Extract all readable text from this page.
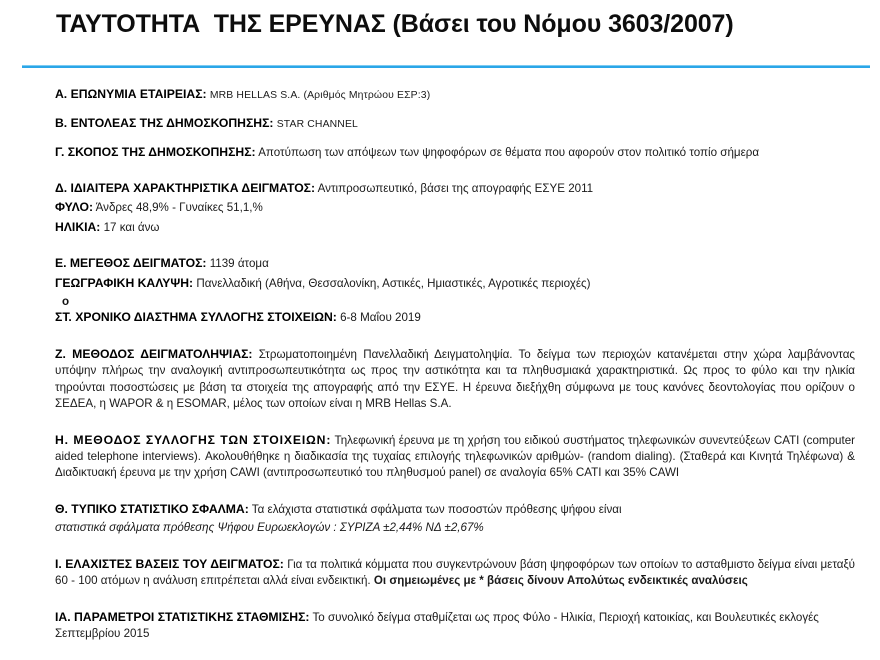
ΤΑΥΤΟΤΗΤΑ  ΤΗΣ ΕΡΕΥΝΑΣ (Βάσει του Νόμου 3603/2007)

Α. ΕΠΩΝΥΜΙΑ ΕΤΑΙΡΕΙΑΣ: MRB HELLAS S.A. (Αριθμός Μητρώου ΕΣΡ:3)

Β. ΕΝΤΟΛΕΑΣ ΤΗΣ ΔΗΜΟΣΚΟΠΗΣΗΣ: STAR CHANNEL

Γ. ΣΚΟΠΟΣ ΤΗΣ ΔΗΜΟΣΚΟΠΗΣΗΣ: Αποτύπωση των απόψεων των ψηφοφόρων σε θέματα που αφορούν στον πολιτικό τοπίο σήμερα

Δ. ΙΔΙΑΙΤΕΡΑ ΧΑΡΑΚΤΗΡΙΣΤΙΚΑ ΔΕΙΓΜΑΤΟΣ: Αντιπροσωπευτικό, βάσει της απογραφής ΕΣΥΕ 2011

ΦΥΛΟ: Άνδρες 48,9% - Γυναίκες 51,1,%

ΗΛΙΚΙΑ: 17 και άνω

Ε. ΜΕΓΕΘΟΣ ΔΕΙΓΜΑΤΟΣ: 1139 άτομα

ΓΕΩΓΡΑΦΙΚΗ ΚΑΛΥΨΗ: Πανελλαδική (Αθήνα, Θεσσαλονίκη, Αστικές, Ημιαστικές, Αγροτικές περιοχές)

ο

ΣΤ. ΧΡΟΝΙΚΟ ΔΙΑΣΤΗΜΑ ΣΥΛΛΟΓΗΣ ΣΤΟΙΧΕΙΩΝ: 6-8 Μαΐου 2019

Ζ. ΜΕΘΟΔΟΣ ΔΕΙΓΜΑΤΟΛΗΨΙΑΣ: Στρωματοποιημένη Πανελλαδική Δειγματοληψία. Το δείγμα των περιοχών κατανέμεται στην χώρα λαμβάνοντας υπόψην πλήρως την αναλογική αντιπροσωπευτικότητα ως προς την αστικότητα και τα πληθυσμιακά χαρακτηριστικά. Ως προς το φύλο και την ηλικία τηρούνται ποσοστώσεις με βάση τα στοιχεία της απογραφής από την ΕΣΥΕ. Η έρευνα διεξήχθη σύμφωνα με τους κανόνες δεοντολογίας που ορίζουν ο ΣΕΔΕΑ, η WAPOR & η ESOMAR, μέλος των οποίων είναι η MRB Hellas S.A.

Η. ΜΕΘΟΔΟΣ ΣΥΛΛΟΓΗΣ ΤΩΝ ΣΤΟΙΧΕΙΩΝ: Τηλεφωνική έρευνα με τη χρήση του ειδικού συστήματος τηλεφωνικών συνεντεύξεων CATI (computer aided telephone interviews). Ακολουθήθηκε η διαδικασία της τυχαίας επιλογής τηλεφωνικών αριθμών- (random dialing). (Σταθερά και Κινητά Τηλέφωνα) & Διαδικτυακή έρευνα με την χρήση CAWI (αντιπροσωπευτικό του πληθυσμού panel) σε αναλογία 65% CATI και 35% CAWI

Θ. ΤΥΠΙΚΟ ΣΤΑΤΙΣΤΙΚΟ ΣΦΑΛΜΑ: Τα ελάχιστα στατιστικά σφάλματα των ποσοστών πρόθεσης ψήφου είναι

στατιστικά σφάλματα πρόθεσης Ψήφου Ευρωεκλογών : ΣΥΡΙΖΑ ±2,44% ΝΔ ±2,67%

Ι. ΕΛΑΧΙΣΤΕΣ ΒΑΣΕΙΣ ΤΟΥ ΔΕΙΓΜΑΤΟΣ: Για τα πολιτικά κόμματα που συγκεντρώνουν βάση ψηφοφόρων των οποίων το ασταθμιστο δείγμα είναι μεταξύ 60 - 100 ατόμων η ανάλυση επιτρέπεται αλλά είναι ενδεικτική. Οι σημειωμένες με * βάσεις δίνουν Απολύτως ενδεικτικές αναλύσεις

ΙΑ. ΠΑΡΑΜΕΤΡΟΙ ΣΤΑΤΙΣΤΙΚΗΣ ΣΤΑΘΜΙΣΗΣ: Το συνολικό δείγμα σταθμίζεται ως προς Φύλο - Ηλικία, Περιοχή κατοικίας, και Βουλευτικές εκλογές Σεπτεμβρίου 2015
